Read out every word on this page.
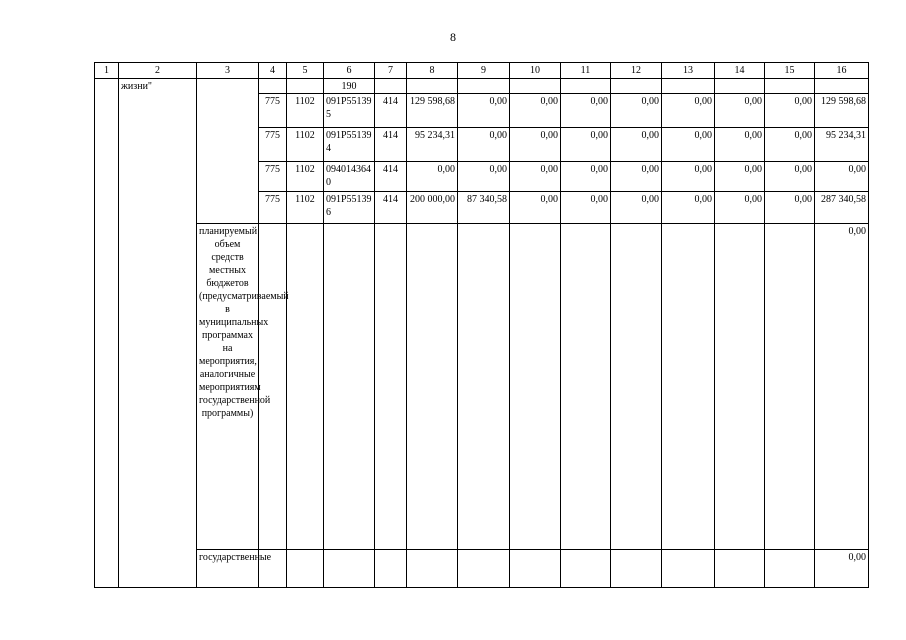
8
1	2	3	4	5	6	7	8	9	10	11	12	13	14	15	16
	жизни"				190										
			775	1102	091Р551395	414	129 598,68	0,00	0,00	0,00	0,00	0,00	0,00	0,00	129 598,68
			775	1102	091Р551394	414	95 234,31	0,00	0,00	0,00	0,00	0,00	0,00	0,00	95 234,31
			775	1102	0940143640	414	0,00	0,00	0,00	0,00	0,00	0,00	0,00	0,00	0,00
			775	1102	091Р551396	414	200 000,00	87 340,58	0,00	0,00	0,00	0,00	0,00	0,00	287 340,58
		планируемый объем средств местных бюджетов (предусматриваемый в муниципальных программах на мероприятия, аналогичные мероприятиям государственной программы)													0,00
		государственные													0,00
